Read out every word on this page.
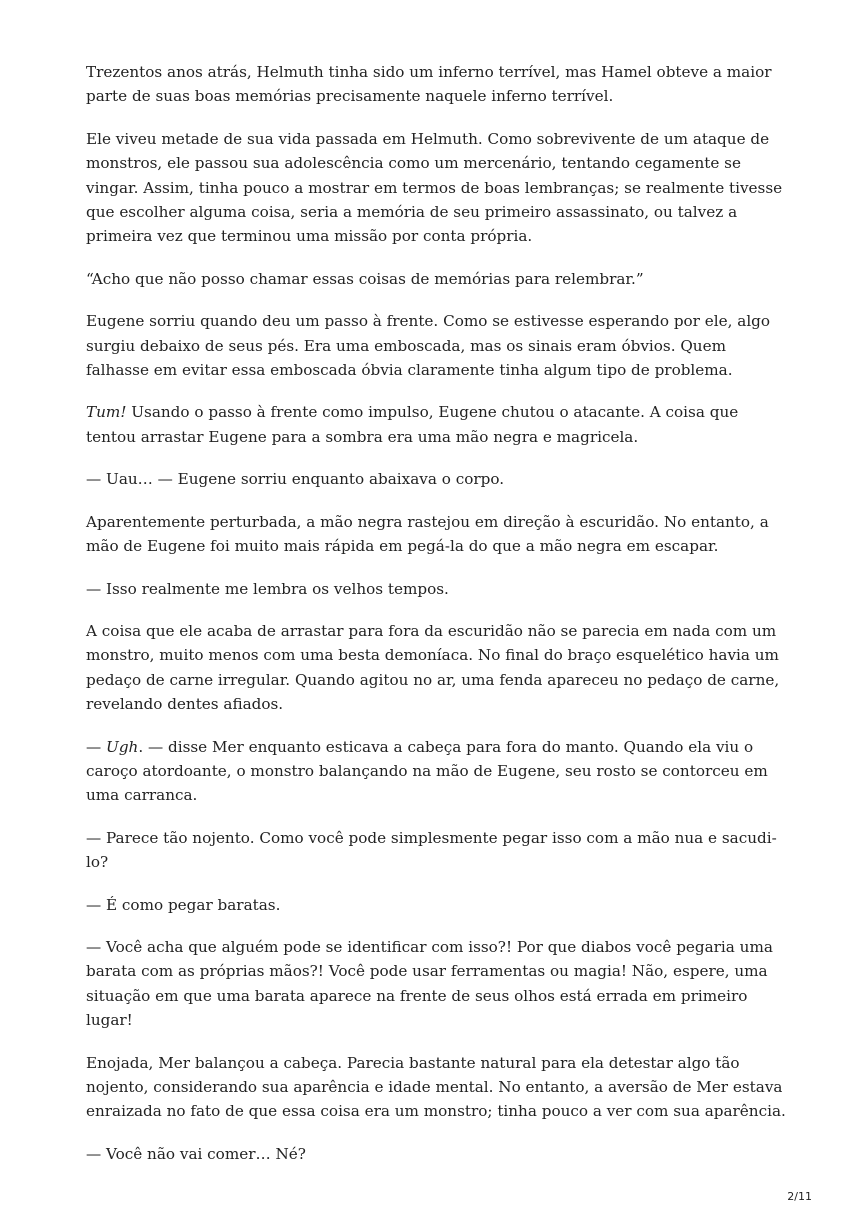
Trezentos anos atrás, Helmuth tinha sido um inferno terrível, mas Hamel obteve a maior parte de suas boas memórias precisamente naquele inferno terrível.

Ele viveu metade de sua vida passada em Helmuth. Como sobrevivente de um ataque de monstros, ele passou sua adolescência como um mercenário, tentando cegamente se vingar. Assim, tinha pouco a mostrar em termos de boas lembranças; se realmente tivesse que escolher alguma coisa, seria a memória de seu primeiro assassinato, ou talvez a primeira vez que terminou uma missão por conta própria.

“Acho que não posso chamar essas coisas de memórias para relembrar.”

Eugene sorriu quando deu um passo à frente. Como se estivesse esperando por ele, algo surgiu debaixo de seus pés. Era uma emboscada, mas os sinais eram óbvios. Quem falhasse em evitar essa emboscada óbvia claramente tinha algum tipo de problema.

Tum! Usando o passo à frente como impulso, Eugene chutou o atacante. A coisa que tentou arrastar Eugene para a sombra era uma mão negra e magricela.

— Uau… — Eugene sorriu enquanto abaixava o corpo.

Aparentemente perturbada, a mão negra rastejou em direção à escuridão. No entanto, a mão de Eugene foi muito mais rápida em pegá-la do que a mão negra em escapar.

— Isso realmente me lembra os velhos tempos.

A coisa que ele acaba de arrastar para fora da escuridão não se parecia em nada com um monstro, muito menos com uma besta demoníaca. No final do braço esquelético havia um pedaço de carne irregular. Quando agitou no ar, uma fenda apareceu no pedaço de carne, revelando dentes afiados.

— Ugh. — disse Mer enquanto esticava a cabeça para fora do manto. Quando ela viu o caroço atordoante, o monstro balançando na mão de Eugene, seu rosto se contorceu em uma carranca.

— Parece tão nojento. Como você pode simplesmente pegar isso com a mão nua e sacudi-lo?

— É como pegar baratas.

— Você acha que alguém pode se identificar com isso?! Por que diabos você pegaria uma barata com as próprias mãos?! Você pode usar ferramentas ou magia! Não, espere, uma situação em que uma barata aparece na frente de seus olhos está errada em primeiro lugar!

Enojada, Mer balançou a cabeça. Parecia bastante natural para ela detestar algo tão nojento, considerando sua aparência e idade mental. No entanto, a aversão de Mer estava enraizada no fato de que essa coisa era um monstro; tinha pouco a ver com sua aparência.

— Você não vai comer… Né?

2/11
